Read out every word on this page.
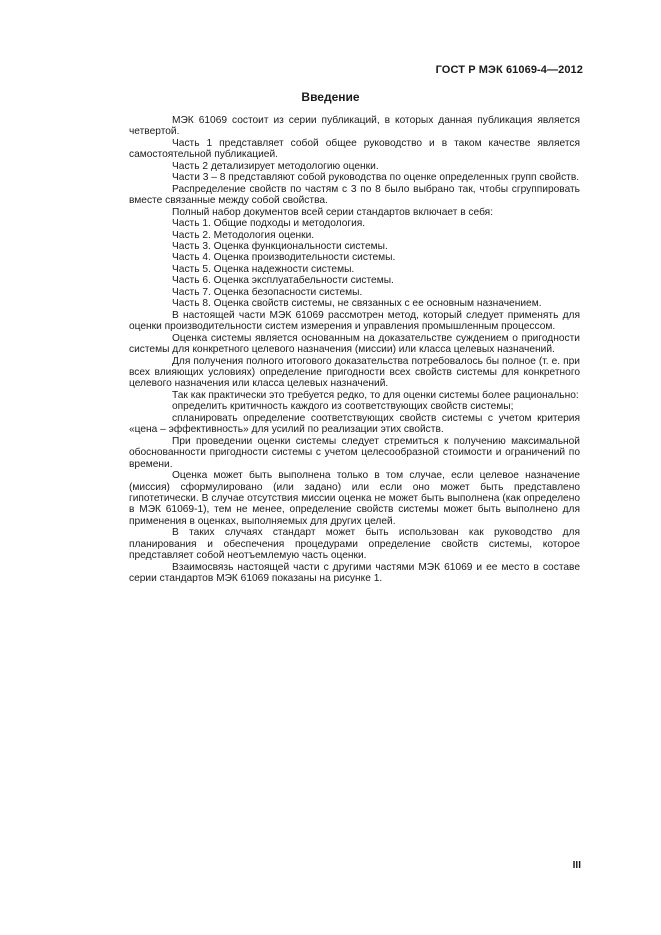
ГОСТ Р МЭК 61069-4—2012
Введение

МЭК 61069 состоит из серии публикаций, в которых данная публикация является четвертой.

Часть 1 представляет собой общее руководство и в таком качестве является самостоятельной публикацией.

Часть 2 детализирует методологию оценки.

Части 3 – 8 представляют собой руководства по оценке определенных групп свойств.

Распределение свойств по частям с 3 по 8 было выбрано так, чтобы сгруппировать вместе связанные между собой свойства.

Полный набор документов всей серии стандартов включает в себя:

Часть 1. Общие подходы и методология.

Часть 2. Методология оценки.

Часть 3. Оценка функциональности системы.

Часть 4. Оценка производительности системы.

Часть 5. Оценка надежности системы.

Часть 6. Оценка эксплуатабельности системы.

Часть 7. Оценка безопасности системы.

Часть 8. Оценка свойств системы, не связанных с ее основным назначением.

В настоящей части МЭК 61069 рассмотрен метод, который следует применять для оценки производительности систем измерения и управления промышленным процессом.

Оценка системы является основанным на доказательстве суждением о пригодности системы для конкретного целевого назначения (миссии) или класса целевых назначений.

Для получения полного итогового доказательства потребовалось бы полное (т. е. при всех влияющих условиях) определение пригодности всех свойств системы для конкретного целевого назначения или класса целевых назначений.

Так как практически это требуется редко, то для оценки системы более рационально:

определить критичность каждого из соответствующих свойств системы;

спланировать определение соответствующих свойств системы с учетом критерия «цена – эффективность» для усилий по реализации этих свойств.

При проведении оценки системы следует стремиться к получению максимальной обоснованности пригодности системы с учетом целесообразной стоимости и ограничений по времени.

Оценка может быть выполнена только в том случае, если целевое назначение (миссия) сформулировано (или задано) или если оно может быть представлено гипотетически. В случае отсутствия миссии оценка не может быть выполнена (как определено в МЭК 61069-1), тем не менее, определение свойств системы может быть выполнено для применения в оценках, выполняемых для других целей.

В таких случаях стандарт может быть использован как руководство для планирования и обеспечения процедурами определение свойств системы, которое представляет собой неотъемлемую часть оценки.

Взаимосвязь настоящей части с другими частями МЭК 61069 и ее место в составе серии стандартов МЭК 61069 показаны на рисунке 1.

III
